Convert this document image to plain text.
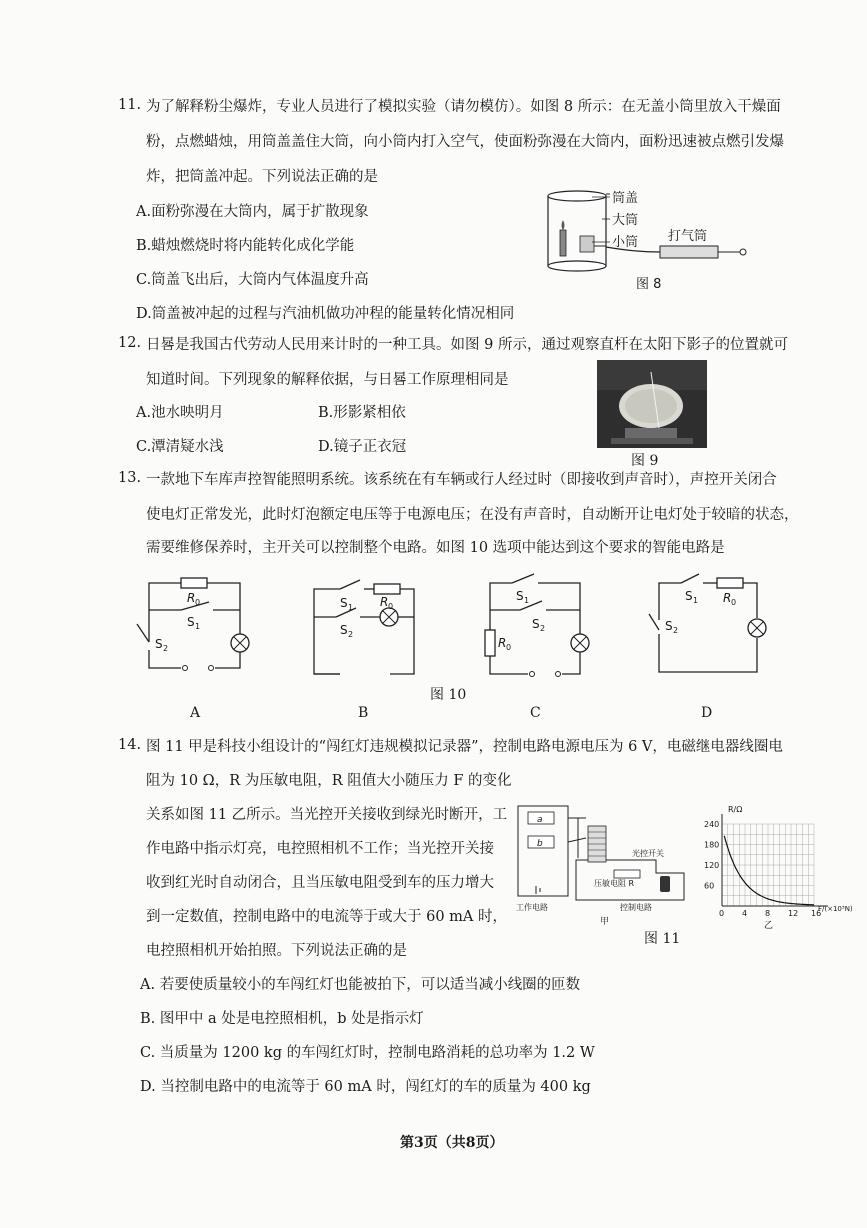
11. 为了解释粉尘爆炸，专业人员进行了模拟实验（请勿模仿）。如图 8 所示：在无盖小筒里放入干燥面
粉，点燃蜡烛，用筒盖盖住大筒，向小筒内打入空气，使面粉弥漫在大筒内，面粉迅速被点燃引发爆
炸，把筒盖冲起。下列说法正确的是
A.面粉弥漫在大筒内，属于扩散现象
B.蜡烛燃烧时将内能转化成化学能
C.筒盖飞出后，大筒内气体温度升高
D.筒盖被冲起的过程与汽油机做功冲程的能量转化情况相同
筒盖
大筒
小筒 打气筒
图 8
12. 日晷是我国古代劳动人民用来计时的一种工具。如图 9 所示，通过观察直杆在太阳下影子的位置就可
知道时间。下列现象的解释依据，与日晷工作原理相同是
A.池水映明月	B.形影紧相依
C.潭清疑水浅	D.镜子正衣冠
图 9
13. 一款地下车库声控智能照明系统。该系统在有车辆或行人经过时（即接收到声音时），声控开关闭合
使电灯正常发光，此时灯泡额定电压等于电源电压；在没有声音时，自动断开让电灯处于较暗的状态，
需要维修保养时，主开关可以控制整个电路。如图 10 选项中能达到这个要求的智能电路是
R 0
S 1
S 2
S 1 R 0
S 2
S 1
S 2
R 0
S 1 R 0
S 2
图 10
A	B	C	D
14. 图 11 甲是科技小组设计的“闯红灯违规模拟记录器”，控制电路电源电压为 6 V，电磁继电器线圈电
阻为 10 Ω，R 为压敏电阻，R 阻值大小随压力 F 的变化
关系如图 11 乙所示。当光控开关接收到绿光时断开，工
作电路中指示灯亮，电控照相机不工作；当光控开关接
收到红光时自动闭合，且当压敏电阻受到车的压力增大
到一定数值，控制电路中的电流等于或大于 60 mA 时，
电控照相机开始拍照。下列说法正确的是
A. 若要使质量较小的车闯红灯也能被拍下，可以适当减小线圈的匝数
B. 图甲中 a 处是电控照相机，b 处是指示灯
C. 当质量为 1200 kg 的车闯红灯时，控制电路消耗的总功率为 1.2 W
D. 当控制电路中的电流等于 60 mA 时，闯红灯的车的质量为 400 kg
a
b
工作电路	控制电路
压敏电阻 R
光控开关
甲
R/Ω
F/(×10³N)
乙
240
180
120
60
0 4 8 12 16
图 11
第3页（共8页）
